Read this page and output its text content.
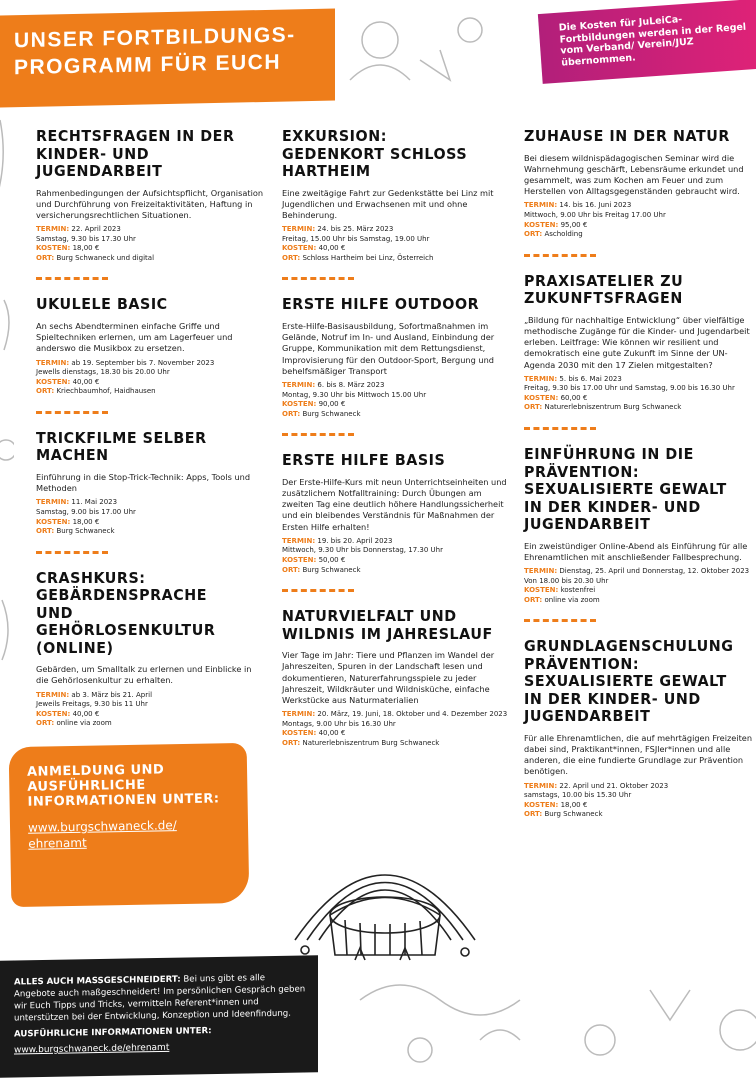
UNSER FORTBILDUNGS-
PROGRAMM FÜR EUCH
Die Kosten für JuLeiCa- Fortbildungen werden in der Regel vom Verband/ Verein/JUZ übernommen.
RECHTSFRAGEN IN DER KINDER- UND JUGENDARBEIT
Rahmenbedingungen der Aufsichtspflicht, Organisation und Durchführung von Freizeitaktivitäten, Haftung in versicherungsrechtlichen Situationen.
TERMIN: 22. April 2023
Samstag, 9.30 bis 17.30 Uhr
KOSTEN: 18,00 €
ORT: Burg Schwaneck und digital
UKULELE BASIC
An sechs Abendterminen einfache Griffe und Spieltechniken erlernen, um am Lagerfeuer und anderswo die Musikbox zu ersetzen.
TERMIN: ab 19. September bis 7. November 2023
Jewells dienstags, 18.30 bis 20.00 Uhr
KOSTEN: 40,00 €
ORT: Kriechbaumhof, Haidhausen
TRICKFILME SELBER MACHEN
Einführung in die Stop-Trick-Technik: Apps, Tools und Methoden
TERMIN: 11. Mai 2023
Samstag, 9.00 bis 17.00 Uhr
KOSTEN: 18,00 €
ORT: Burg Schwaneck
CRASHKURS: GEBÄRDENSPRACHE UND GEHÖRLOSENKULTUR (ONLINE)
Gebärden, um Smalltalk zu erlernen und Einblicke in die Gehörlosenkultur zu erhalten.
TERMIN: ab 3. März bis 21. April
Jeweils Freitags, 9.30 bis 11 Uhr
KOSTEN: 40,00 €
ORT: online via zoom
EXKURSION: GEDENKORT SCHLOSS HARTHEIM
Eine zweitägige Fahrt zur Gedenkstätte bei Linz mit Jugendlichen und Erwachsenen mit und ohne Behinderung.
TERMIN: 24. bis 25. März 2023
Freitag, 15.00 Uhr bis Samstag, 19.00 Uhr
KOSTEN: 40,00 €
ORT: Schloss Hartheim bei Linz, Österreich
ERSTE HILFE OUTDOOR
Erste-Hilfe-Basisausbildung, Sofortmaßnahmen im Gelände, Notruf im In- und Ausland, Einbindung der Gruppe, Kommunikation mit dem Rettungsdienst, Improvisierung für den Outdoor-Sport, Bergung und behelfsmäßiger Transport
TERMIN: 6. bis 8. März 2023
Montag, 9.30 Uhr bis Mittwoch 15.00 Uhr
KOSTEN: 90,00 €
ORT: Burg Schwaneck
ERSTE HILFE BASIS
Der Erste-Hilfe-Kurs mit neun Unterrichtseinheiten und zusätzlichem Notfalltraining: Durch Übungen am zweiten Tag eine deutlich höhere Handlungssicherheit und ein bleibendes Verständnis für Maßnahmen der Ersten Hilfe erhalten!
TERMIN: 19. bis 20. April 2023
Mittwoch, 9.30 Uhr bis Donnerstag, 17.30 Uhr
KOSTEN: 50,00 €
ORT: Burg Schwaneck
NATURVIELFALT UND WILDNIS IM JAHRESLAUF
Vier Tage im Jahr: Tiere und Pflanzen im Wandel der Jahreszeiten, Spuren in der Landschaft lesen und dokumentieren, Naturerfahrungsspiele zu jeder Jahreszeit, Wildkräuter und Wildnisküche, einfache Werkstücke aus Naturmaterialien
TERMIN: 20. März, 19. Juni, 18. Oktober und 4. Dezember 2023
Montags, 9.00 Uhr bis 16.30 Uhr
KOSTEN: 40,00 €
ORT: Naturerlebniszentrum Burg Schwaneck
ZUHAUSE IN DER NATUR
Bei diesem wildnispädagogischen Seminar wird die Wahrnehmung geschärft, Lebensräume erkundet und gesammelt, was zum Kochen am Feuer und zum Herstellen von Alltagsgegenständen gebraucht wird.
TERMIN: 14. bis 16. Juni 2023
Mittwoch, 9.00 Uhr bis Freitag 17.00 Uhr
KOSTEN: 95,00 €
ORT: Ascholding
PRAXISATELIER ZU ZUKUNFTSFRAGEN
„Bildung für nachhaltige Entwicklung“ über vielfältige methodische Zugänge für die Kinder- und Jugendarbeit erleben. Leitfrage: Wie können wir resilient und demokratisch eine gute Zukunft im Sinne der UN-Agenda 2030 mit den 17 Zielen mitgestalten?
TERMIN: 5. bis 6. Mai 2023
Freitag, 9.30 bis 17.00 Uhr und Samstag, 9.00 bis 16.30 Uhr
KOSTEN: 60,00 €
ORT: Naturerlebniszentrum Burg Schwaneck
EINFÜHRUNG IN DIE PRÄVENTION: SEXUALISIERTE GEWALT IN DER KINDER- UND JUGENDARBEIT
Ein zweistündiger Online-Abend als Einführung für alle Ehrenamtlichen mit anschließender Fallbesprechung.
TERMIN: Dienstag, 25. April und Donnerstag, 12. Oktober 2023
Von 18.00 bis 20.30 Uhr
KOSTEN: kostenfrei
ORT: online via zoom
GRUNDLAGENSCHULUNG PRÄVENTION: SEXUALISIERTE GEWALT IN DER KINDER- UND JUGENDARBEIT
Für alle Ehrenamtlichen, die auf mehrtägigen Freizeiten dabei sind, Praktikant*innen, FSJler*innen und alle anderen, die eine fundierte Grundlage zur Prävention benötigen.
TERMIN: 22. April und 21. Oktober 2023
samstags, 10.00 bis 15.30 Uhr
KOSTEN: 18,00 €
ORT: Burg Schwaneck
ANMELDUNG UND AUSFÜHRLICHE INFORMATIONEN UNTER:
www.burgschwaneck.de/
ehrenamt
ALLES AUCH MASSGESCHNEIDERT: Bei uns gibt es alle Angebote auch maßgeschneidert! Im persönlichen Gespräch geben wir Euch Tipps und Tricks, vermitteln Referent*innen und unterstützen bei der Entwicklung, Konzeption und Ideenfindung.
AUSFÜHRLICHE INFORMATIONEN UNTER:
www.burgschwaneck.de/ehrenamt
